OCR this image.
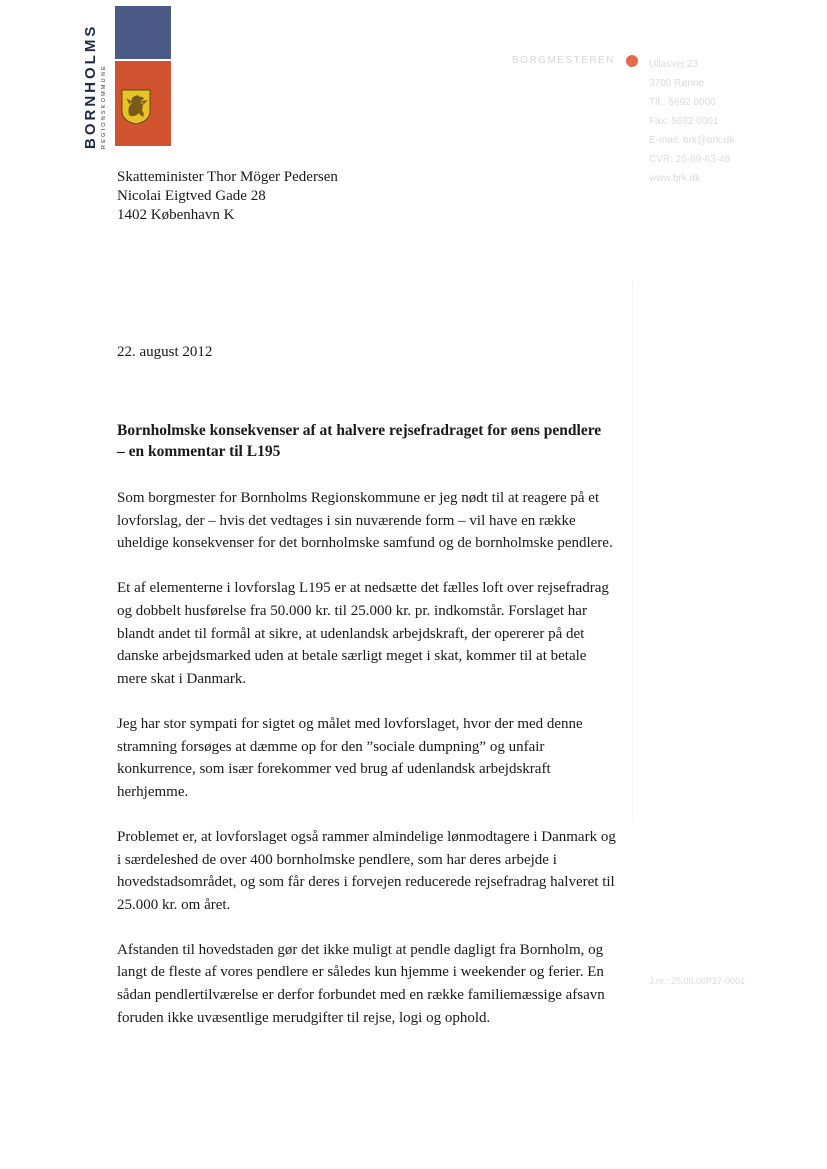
BORNHOLMS REGIONSKOMMUNE
BORGMESTEREN	Ullasvej 23
3700 Rønne
Tlf.: 5692 0000
Fax: 5692 0001
E-mail: brk@brk.dk
CVR: 26-69-63-48
www.brk.dk
J.nr.: 25.00.00P27-0001
Skatteminister Thor Möger Pedersen
Nicolai Eigtved Gade 28
1402 København K
22. august 2012
Bornholmske konsekvenser af at halvere rejsefradraget for øens pendlere – en kommentar til L195

Som borgmester for Bornholms Regionskommune er jeg nødt til at reagere på et lovforslag, der – hvis det vedtages i sin nuværende form – vil have en række uheldige konsekvenser for det bornholmske samfund og de bornholmske pendlere.

Et af elementerne i lovforslag L195 er at nedsætte det fælles loft over rejsefradrag og dobbelt husførelse fra 50.000 kr. til 25.000 kr. pr. indkomstår. Forslaget har blandt andet til formål at sikre, at udenlandsk arbejdskraft, der opererer på det danske arbejdsmarked uden at betale særligt meget i skat, kommer til at betale mere skat i Danmark.

Jeg har stor sympati for sigtet og målet med lovforslaget, hvor der med denne stramning forsøges at dæmme op for den ”sociale dumpning” og unfair konkurrence, som især forekommer ved brug af udenlandsk arbejdskraft herhjemme.

Problemet er, at lovforslaget også rammer almindelige lønmodtagere i Danmark og i særdeleshed de over 400 bornholmske pendlere, som har deres arbejde i hovedstadsområdet, og som får deres i forvejen reducerede rejsefradrag halveret til 25.000 kr. om året.

Afstanden til hovedstaden gør det ikke muligt at pendle dagligt fra Bornholm, og langt de fleste af vores pendlere er således kun hjemme i weekender og ferier. En sådan pendlertilværelse er derfor forbundet med en række familiemæssige afsavn foruden ikke uvæsentlige merudgifter til rejse, logi og ophold.
